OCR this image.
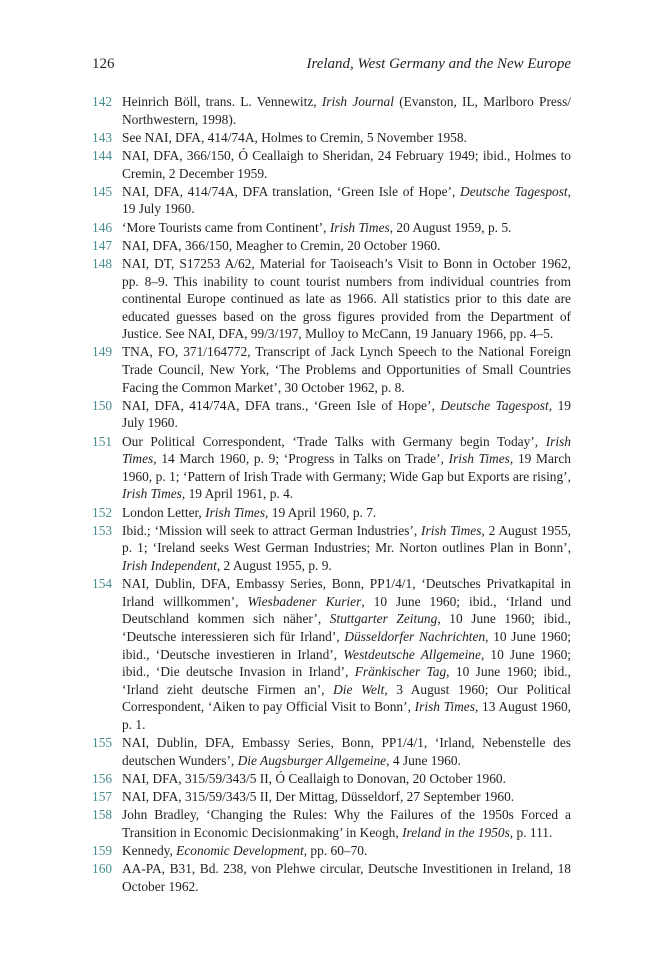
126	Ireland, West Germany and the New Europe
142 Heinrich Böll, trans. L. Vennewitz, Irish Journal (Evanston, IL, Marlboro Press/ Northwestern, 1998).
143 See NAI, DFA, 414/74A, Holmes to Cremin, 5 November 1958.
144 NAI, DFA, 366/150, Ó Ceallaigh to Sheridan, 24 February 1949; ibid., Holmes to Cremin, 2 December 1959.
145 NAI, DFA, 414/74A, DFA translation, ‘Green Isle of Hope’, Deutsche Tagespost, 19 July 1960.
146 ‘More Tourists came from Continent’, Irish Times, 20 August 1959, p. 5.
147 NAI, DFA, 366/150, Meagher to Cremin, 20 October 1960.
148 NAI, DT, S17253 A/62, Material for Taoiseach’s Visit to Bonn in October 1962, pp. 8–9. This inability to count tourist numbers from individual countries from continental Europe continued as late as 1966. All statistics prior to this date are educated guesses based on the gross figures provided from the Department of Justice. See NAI, DFA, 99/3/197, Mulloy to McCann, 19 January 1966, pp. 4–5.
149 TNA, FO, 371/164772, Transcript of Jack Lynch Speech to the National Foreign Trade Council, New York, ‘The Problems and Opportunities of Small Countries Facing the Common Market’, 30 October 1962, p. 8.
150 NAI, DFA, 414/74A, DFA trans., ‘Green Isle of Hope’, Deutsche Tagespost, 19 July 1960.
151 Our Political Correspondent, ‘Trade Talks with Germany begin Today’, Irish Times, 14 March 1960, p. 9; ‘Progress in Talks on Trade’, Irish Times, 19 March 1960, p. 1; ‘Pattern of Irish Trade with Germany; Wide Gap but Exports are rising’, Irish Times, 19 April 1961, p. 4.
152 London Letter, Irish Times, 19 April 1960, p. 7.
153 Ibid.; ‘Mission will seek to attract German Industries’, Irish Times, 2 August 1955, p. 1; ‘Ireland seeks West German Industries; Mr. Norton outlines Plan in Bonn’, Irish Independent, 2 August 1955, p. 9.
154 NAI, Dublin, DFA, Embassy Series, Bonn, PP1/4/1, ‘Deutsches Privatkapital in Irland willkommen’, Wiesbadener Kurier, 10 June 1960; ibid., ‘Irland und Deutschland kommen sich näher’, Stuttgarter Zeitung, 10 June 1960; ibid., ‘Deutsche interessieren sich für Irland’, Düsseldorfer Nachrichten, 10 June 1960; ibid., ‘Deutsche investieren in Irland’, Westdeutsche Allgemeine, 10 June 1960; ibid., ‘Die deutsche Invasion in Irland’, Fränkischer Tag, 10 June 1960; ibid., ‘Irland zieht deutsche Firmen an’, Die Welt, 3 August 1960; Our Political Correspondent, ‘Aiken to pay Official Visit to Bonn’, Irish Times, 13 August 1960, p. 1.
155 NAI, Dublin, DFA, Embassy Series, Bonn, PP1/4/1, ‘Irland, Nebenstelle des deutschen Wunders’, Die Augsburger Allgemeine, 4 June 1960.
156 NAI, DFA, 315/59/343/5 II, Ó Ceallaigh to Donovan, 20 October 1960.
157 NAI, DFA, 315/59/343/5 II, Der Mittag, Düsseldorf, 27 September 1960.
158 John Bradley, ‘Changing the Rules: Why the Failures of the 1950s Forced a Transition in Economic Decisionmaking’ in Keogh, Ireland in the 1950s, p. 111.
159 Kennedy, Economic Development, pp. 60–70.
160 AA-PA, B31, Bd. 238, von Plehwe circular, Deutsche Investitionen in Ireland, 18 October 1962.
